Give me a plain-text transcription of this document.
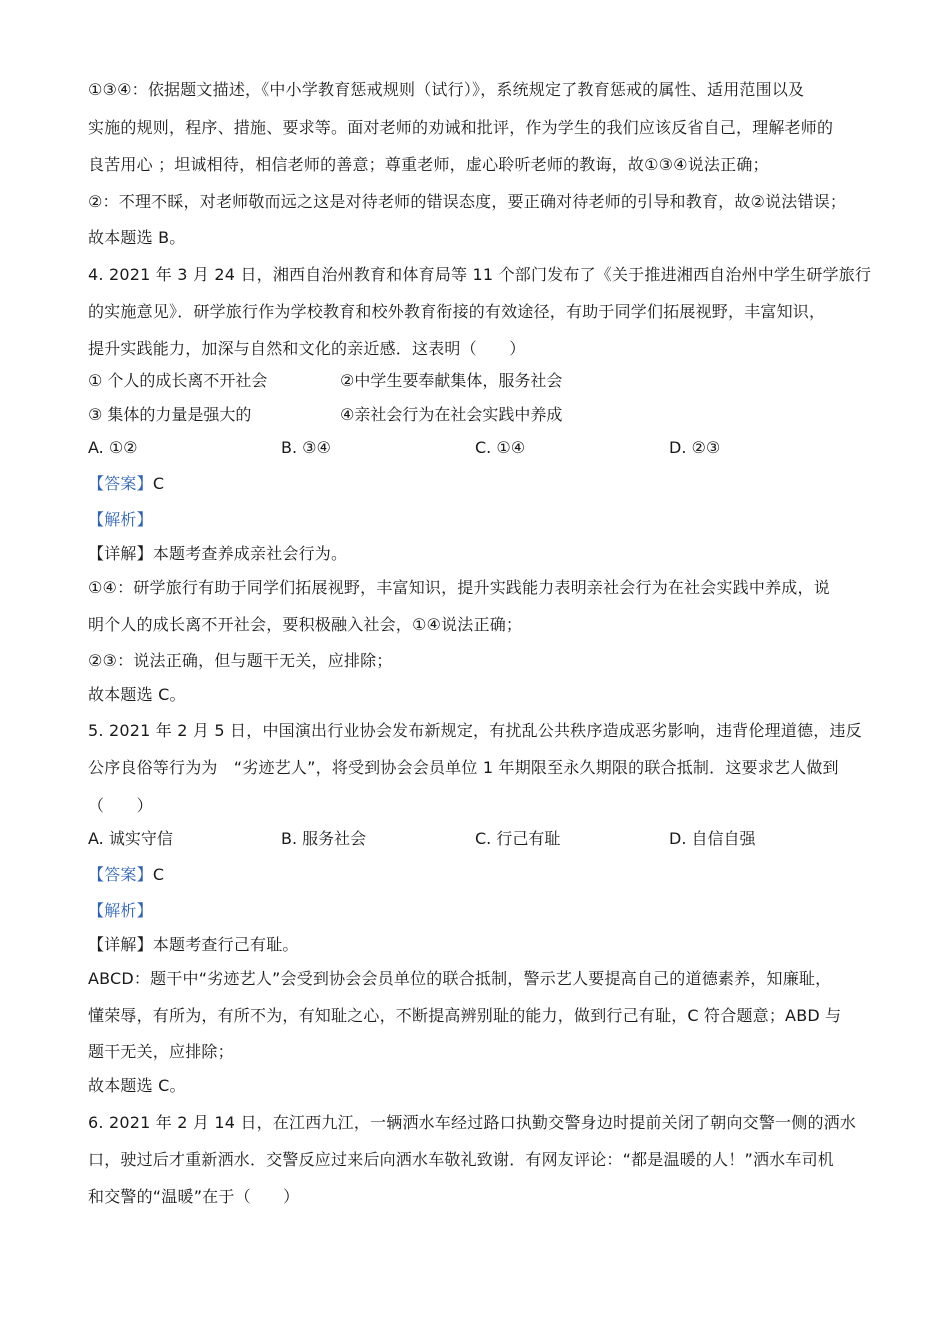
①③④：依据题文描述，《中小学教育惩戒规则（试行）》，系统规定了教育惩戒的属性、适用范围以及
实施的规则，程序、措施、要求等。面对老师的劝诫和批评，作为学生的我们应该反省自己，理解老师的
良苦用心 ；坦诚相待，相信老师的善意；尊重老师，虚心聆听老师的教诲，故①③④说法正确；
②：不理不睬，对老师敬而远之这是对待老师的错误态度，要正确对待老师的引导和教育，故②说法错误；
故本题选 B。
4. 2021 年 3 月 24 日，湘西自治州教育和体育局等 11 个部门发布了《关于推进湘西自治州中学生研学旅行
的实施意见》．研学旅行作为学校教育和校外教育衔接的有效途径，有助于同学们拓展视野，丰富知识，
提升实践能力，加深与自然和文化的亲近感．这表明（　　）
① 个人的成长离不开社会	②中学生要奉献集体，服务社会
③ 集体的力量是强大的	④亲社会行为在社会实践中养成
A. ①②	B. ③④	C. ①④	D. ②③
【答案】C
【解析】
【详解】本题考查养成亲社会行为。
①④：研学旅行有助于同学们拓展视野，丰富知识，提升实践能力表明亲社会行为在社会实践中养成，说
明个人的成长离不开社会，要积极融入社会，①④说法正确；
②③：说法正确，但与题干无关，应排除；
故本题选 C。
5. 2021 年 2 月 5 日，中国演出行业协会发布新规定，有扰乱公共秩序造成恶劣影响，违背伦理道德，违反
公序良俗等行为为　“劣迹艺人”，将受到协会会员单位 1 年期限至永久期限的联合抵制．这要求艺人做到
（　　）
A. 诚实守信	B. 服务社会	C. 行己有耻	D. 自信自强
【答案】C
【解析】
【详解】本题考查行己有耻。
ABCD：题干中“劣迹艺人”会受到协会会员单位的联合抵制，警示艺人要提高自己的道德素养，知廉耻，
懂荣辱，有所为，有所不为，有知耻之心，不断提高辨别耻的能力，做到行己有耻，C 符合题意；ABD 与
题干无关，应排除；
故本题选 C。
6. 2021 年 2 月 14 日，在江西九江，一辆洒水车经过路口执勤交警身边时提前关闭了朝向交警一侧的洒水
口，驶过后才重新洒水．交警反应过来后向洒水车敬礼致谢．有网友评论：“都是温暖的人！”洒水车司机
和交警的“温暖”在于（　　）
